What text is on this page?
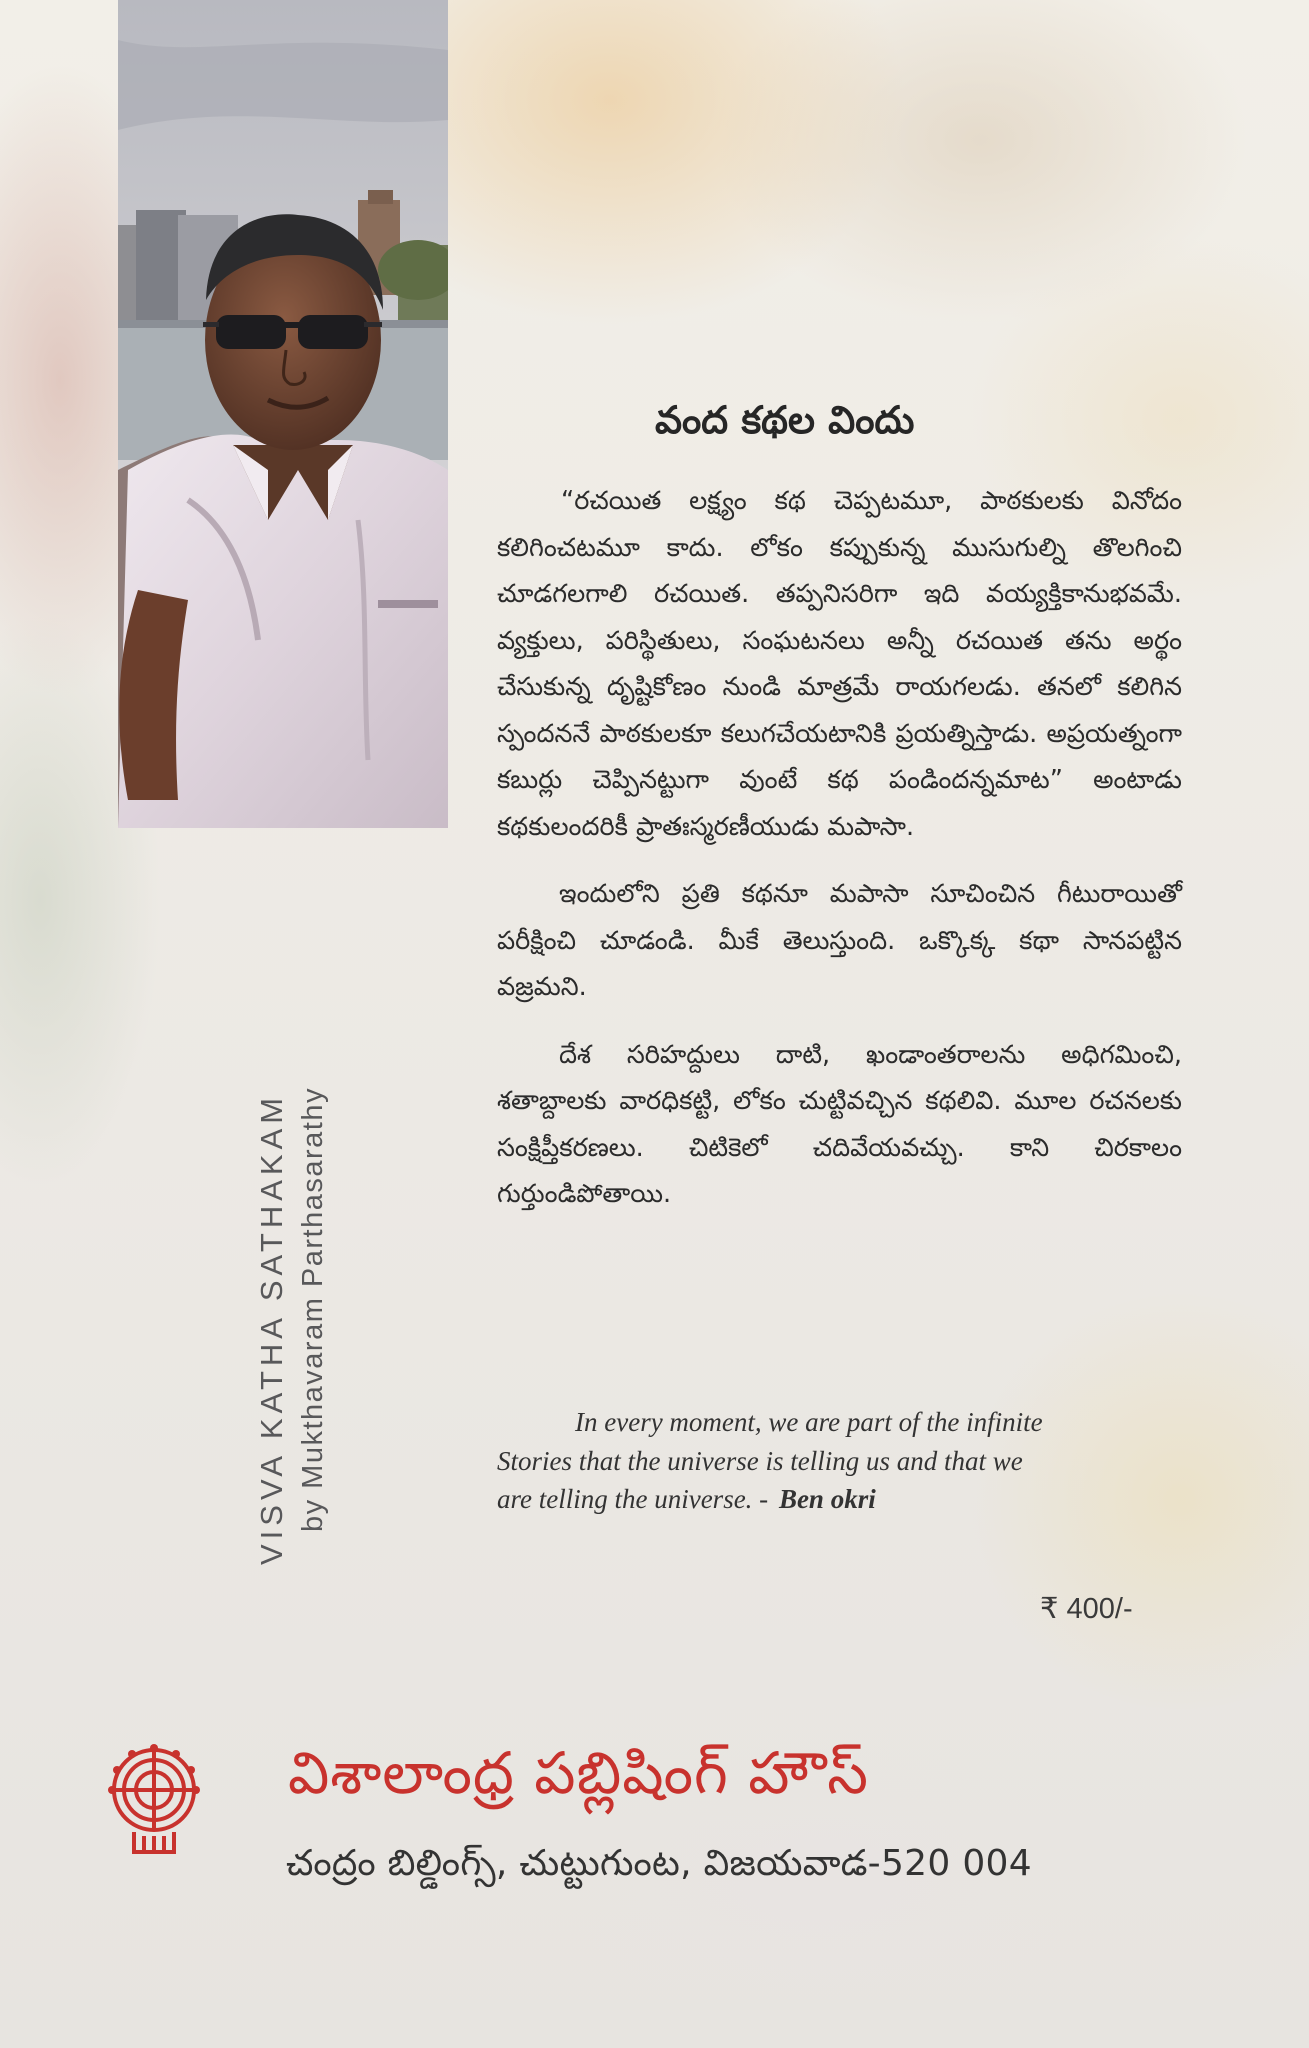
VISVA KATHA SATHAKAM by Mukthavaram Parthasarathy
వంద కథల విందు

“రచయిత లక్ష్యం కథ చెప్పటమూ, పాఠకులకు వినోదం కలిగించటమూ కాదు. లోకం కప్పుకున్న ముసుగుల్ని తొలగించి చూడగలగాలి రచయిత. తప్పనిసరిగా ఇది వయ్యక్తికానుభవమే. వ్యక్తులు, పరిస్థితులు, సంఘటనలు అన్నీ రచయిత తను అర్థం చేసుకున్న దృష్టికోణం నుండి మాత్రమే రాయగలడు. తనలో కలిగిన స్పందననే పాఠకులకూ కలుగచేయటానికి ప్రయత్నిస్తాడు. అప్రయత్నంగా కబుర్లు చెప్పినట్టుగా వుంటే కథ పండిందన్నమాట” అంటాడు కథకులందరికీ ప్రాతఃస్మరణీయుడు మపాసా.

ఇందులోని ప్రతి కథనూ మపాసా సూచించిన గీటురాయితో పరీక్షించి చూడండి. మీకే తెలుస్తుంది. ఒక్కొక్క కథా సానపట్టిన వజ్రమని.

దేశ సరిహద్దులు దాటి, ఖండాంతరాలను అధిగమించి, శతాబ్దాలకు వారధికట్టి, లోకం చుట్టివచ్చిన కథలివి. మూల రచనలకు సంక్షిప్తీకరణలు. చిటికెలో చదివేయవచ్చు. కాని చిరకాలం గుర్తుండిపోతాయి.

In every moment, we are part of the infinite
Stories that the universe is telling us and that we
are telling the universe. - Ben okri
₹ 400/-
విశాలాంధ్ర పబ్లిషింగ్ హౌస్
చంద్రం బిల్డింగ్స్, చుట్టుగుంట, విజయవాడ-520 004
